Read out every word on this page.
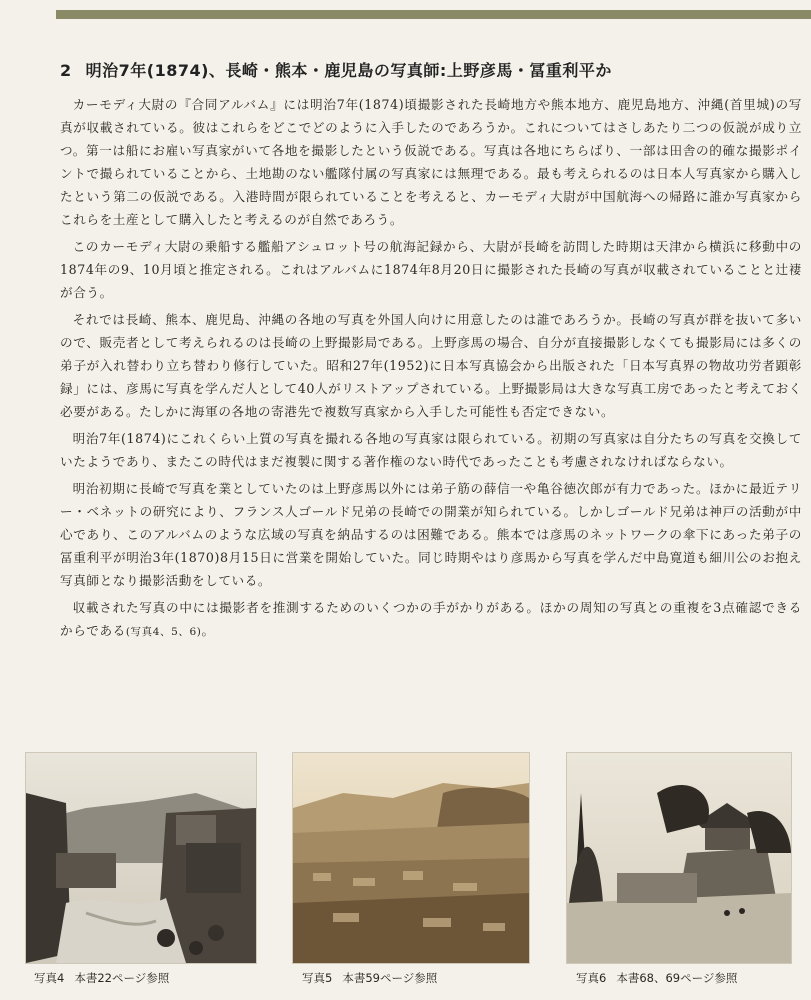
2 明治7年(1874)、長崎・熊本・鹿児島の写真師:上野彦馬・冨重利平か

カーモディ大尉の『合同アルバム』には明治7年(1874)頃撮影された長崎地方や熊本地方、鹿児島地方、沖縄(首里城)の写真が収載されている。彼はこれらをどこでどのように入手したのであろうか。これについてはさしあたり二つの仮説が成り立つ。第一は船にお雇い写真家がいて各地を撮影したという仮説である。写真は各地にちらばり、一部は田舎の的確な撮影ポイントで撮られていることから、土地勘のない艦隊付属の写真家には無理である。最も考えられるのは日本人写真家から購入したという第二の仮説である。入港時間が限られていることを考えると、カーモディ大尉が中国航海への帰路に誰か写真家からこれらを土産として購入したと考えるのが自然であろう。

このカーモディ大尉の乗船する艦船アシュロット号の航海記録から、大尉が長崎を訪問した時期は天津から横浜に移動中の1874年の9、10月頃と推定される。これはアルバムに1874年8月20日に撮影された長崎の写真が収載されていることと辻褄が合う。

それでは長崎、熊本、鹿児島、沖縄の各地の写真を外国人向けに用意したのは誰であろうか。長崎の写真が群を抜いて多いので、販売者として考えられるのは長崎の上野撮影局である。上野彦馬の場合、自分が直接撮影しなくても撮影局には多くの弟子が入れ替わり立ち替わり修行していた。昭和27年(1952)に日本写真協会から出版された「日本写真界の物故功労者顕彰録」には、彦馬に写真を学んだ人として40人がリストアップされている。上野撮影局は大きな写真工房であったと考えておく必要がある。たしかに海軍の各地の寄港先で複数写真家から入手した可能性も否定できない。

明治7年(1874)にこれくらい上質の写真を撮れる各地の写真家は限られている。初期の写真家は自分たちの写真を交換していたようであり、またこの時代はまだ複製に関する著作権のない時代であったことも考慮されなければならない。

明治初期に長崎で写真を業としていたのは上野彦馬以外には弟子筋の薛信一や亀谷徳次郎が有力であった。ほかに最近テリー・ベネットの研究により、フランス人ゴールド兄弟の長崎での開業が知られている。しかしゴールド兄弟は神戸の活動が中心であり、このアルバムのような広域の写真を納品するのは困難である。熊本では彦馬のネットワークの傘下にあった弟子の冨重利平が明治3年(1870)8月15日に営業を開始していた。同じ時期やはり彦馬から写真を学んだ中島寛道も細川公のお抱え写真師となり撮影活動をしている。

収載された写真の中には撮影者を推測するためのいくつかの手がかりがある。ほかの周知の写真との重複を3点確認できるからである(写真4、5、6)。

写真4 本書22ページ参照	写真5 本書59ページ参照	写真6 本書68、69ページ参照
